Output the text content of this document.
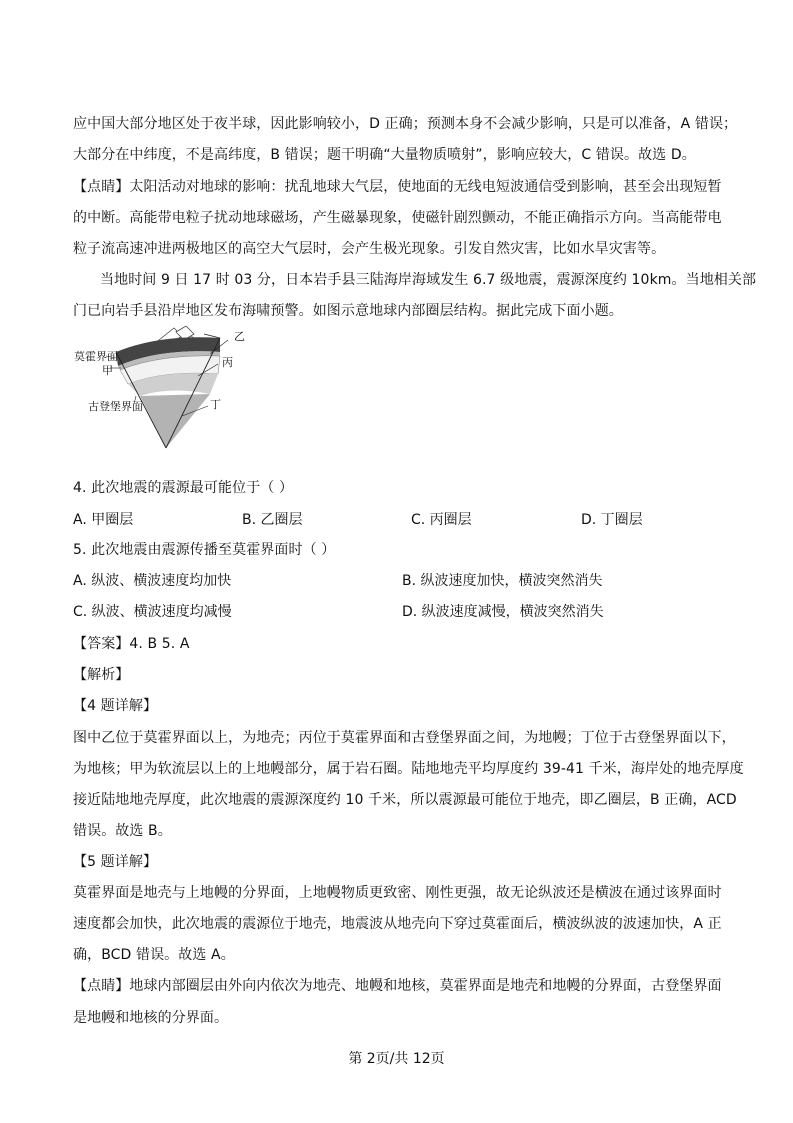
应中国大部分地区处于夜半球，因此影响较小，D 正确；预测本身不会减少影响，只是可以准备，A 错误；
大部分在中纬度，不是高纬度，B 错误；题干明确“大量物质喷射”，影响应较大，C 错误。故选 D。
【点睛】太阳活动对地球的影响：扰乱地球大气层，使地面的无线电短波通信受到影响，甚至会出现短暂
的中断。高能带电粒子扰动地球磁场，产生磁暴现象，使磁针剧烈颤动，不能正确指示方向。当高能带电
粒子流高速冲进两极地区的高空大气层时，会产生极光现象。引发自然灾害，比如水旱灾害等。
当地时间 9 日 17 时 03 分，日本岩手县三陆海岸海域发生 6.7 级地震，震源深度约 10km。当地相关部
门已向岩手县沿岸地区发布海啸预警。如图示意地球内部圈层结构。据此完成下面小题。
莫霍界面
甲
古登堡界面
乙
丙
丁
4. 此次地震的震源最可能位于（ ）
A. 甲圈层	B. 乙圈层	C. 丙圈层	D. 丁圈层
5. 此次地震由震源传播至莫霍界面时（ ）
A. 纵波、横波速度均加快	B. 纵波速度加快，横波突然消失
C. 纵波、横波速度均减慢	D. 纵波速度减慢，横波突然消失
【答案】4. B 5. A
【解析】
【4 题详解】
图中乙位于莫霍界面以上，为地壳；丙位于莫霍界面和古登堡界面之间，为地幔；丁位于古登堡界面以下，
为地核；甲为软流层以上的上地幔部分，属于岩石圈。陆地地壳平均厚度约 39-41 千米，海岸处的地壳厚度
接近陆地地壳厚度，此次地震的震源深度约 10 千米，所以震源最可能位于地壳，即乙圈层，B 正确，ACD
错误。故选 B。
【5 题详解】
莫霍界面是地壳与上地幔的分界面，上地幔物质更致密、刚性更强，故无论纵波还是横波在通过该界面时
速度都会加快，此次地震的震源位于地壳，地震波从地壳向下穿过莫霍面后，横波纵波的波速加快，A 正
确，BCD 错误。故选 A。
【点睛】地球内部圈层由外向内依次为地壳、地幔和地核，莫霍界面是地壳和地幔的分界面，古登堡界面
是地幔和地核的分界面。
第 2页/共 12页
